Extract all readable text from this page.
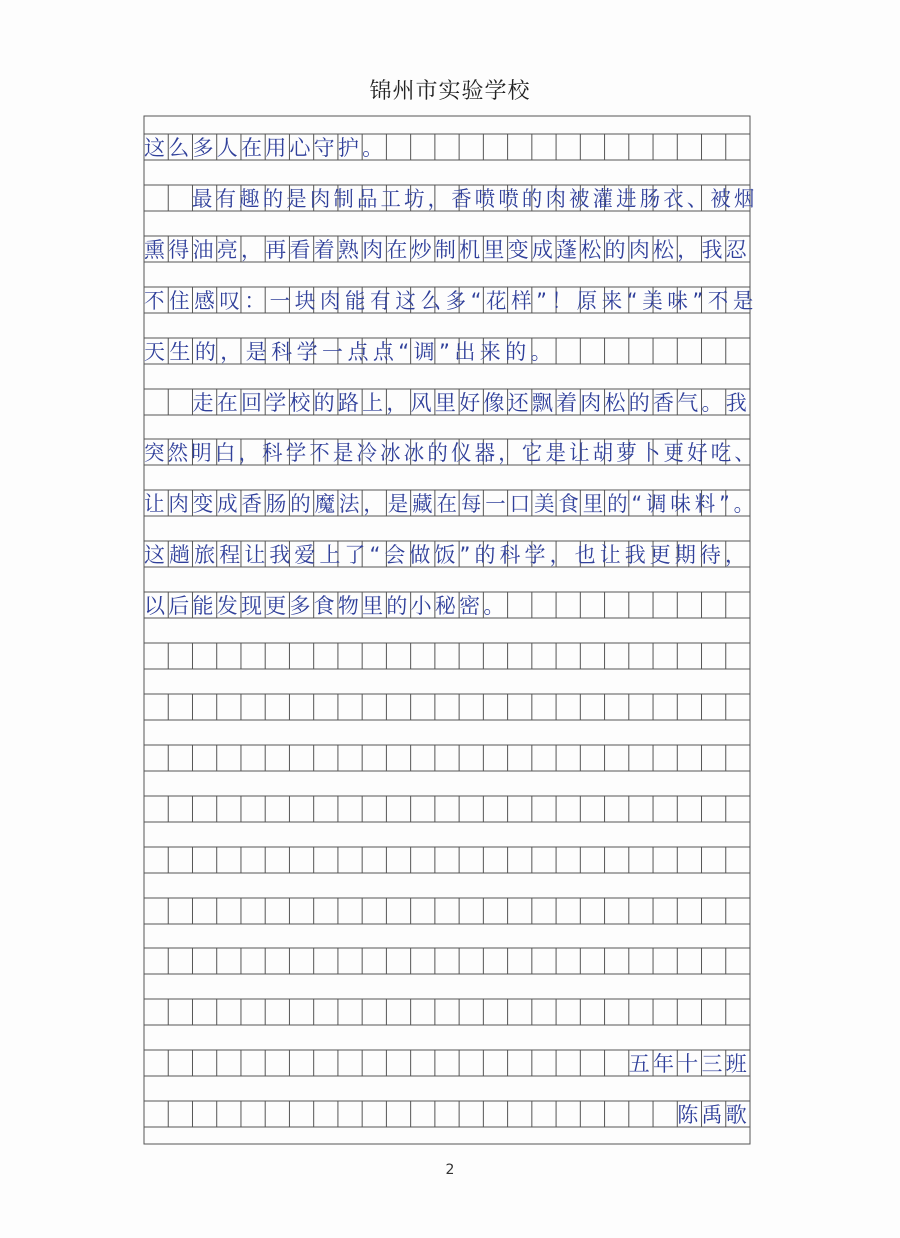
锦州市实验学校
这么多人在用心守护。
最有趣的是肉制品工坊，香喷喷的肉被灌进肠衣、被烟
熏得油亮，再看着熟肉在炒制机里变成蓬松的肉松，我忍
不住感叹：一块肉能有这么多“花样”！原来“美味”不是
天生的，是科学一点点“调”出来的。
走在回学校的路上，风里好像还飘着肉松的香气。我
突然明白，科学不是冷冰冰的仪器，它是让胡萝卜更好吃、
让肉变成香肠的魔法，是藏在每一口美食里的“调味料”。
这趟旅程让我爱上了“会做饭”的科学，也让我更期待，
以后能发现更多食物里的小秘密。
五年十三班
陈禹歌
2
